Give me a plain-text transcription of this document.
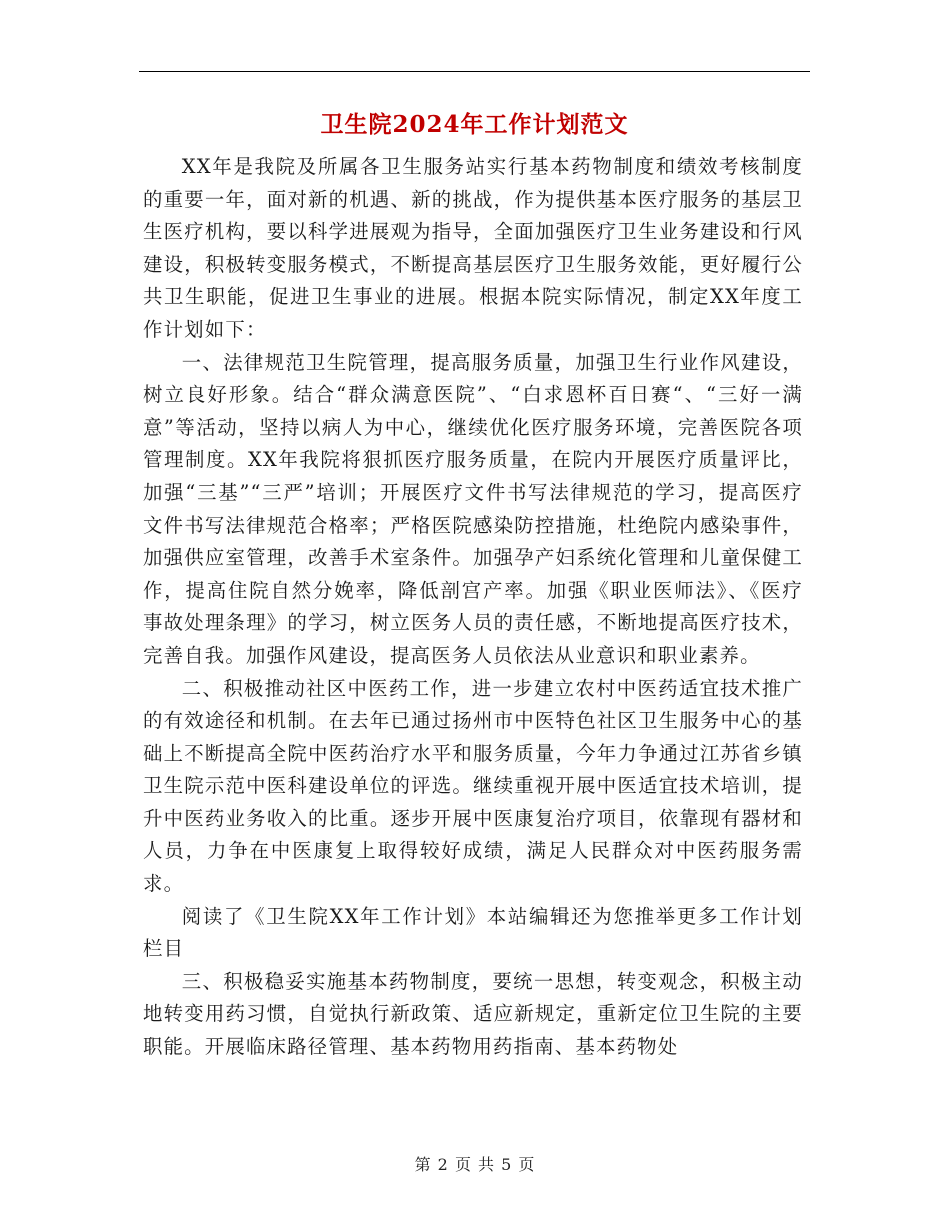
卫生院2024年工作计划范文

XX年是我院及所属各卫生服务站实行基本药物制度和绩效考核制度的重要一年，面对新的机遇、新的挑战，作为提供基本医疗服务的基层卫生医疗机构，要以科学进展观为指导，全面加强医疗卫生业务建设和行风建设，积极转变服务模式，不断提高基层医疗卫生服务效能，更好履行公共卫生职能，促进卫生事业的进展。根据本院实际情况，制定XX年度工作计划如下：

一、法律规范卫生院管理，提高服务质量，加强卫生行业作风建设，树立良好形象。结合“群众满意医院”、“白求恩杯百日赛“、“三好一满意”等活动，坚持以病人为中心，继续优化医疗服务环境，完善医院各项管理制度。XX年我院将狠抓医疗服务质量，在院内开展医疗质量评比，加强“三基”“三严”培训；开展医疗文件书写法律规范的学习，提高医疗文件书写法律规范合格率；严格医院感染防控措施，杜绝院内感染事件，加强供应室管理，改善手术室条件。加强孕产妇系统化管理和儿童保健工作，提高住院自然分娩率，降低剖宫产率。加强《职业医师法》、《医疗事故处理条理》的学习，树立医务人员的责任感，不断地提高医疗技术，完善自我。加强作风建设，提高医务人员依法从业意识和职业素养。

二、积极推动社区中医药工作，进一步建立农村中医药适宜技术推广的有效途径和机制。在去年已通过扬州市中医特色社区卫生服务中心的基础上不断提高全院中医药治疗水平和服务质量，今年力争通过江苏省乡镇卫生院示范中医科建设单位的评选。继续重视开展中医适宜技术培训，提升中医药业务收入的比重。逐步开展中医康复治疗项目，依靠现有器材和人员，力争在中医康复上取得较好成绩，满足人民群众对中医药服务需求。

阅读了《卫生院XX年工作计划》本站编辑还为您推举更多工作计划栏目

三、积极稳妥实施基本药物制度，要统一思想，转变观念，积极主动地转变用药习惯，自觉执行新政策、适应新规定，重新定位卫生院的主要职能。开展临床路径管理、基本药物用药指南、基本药物处

第 2 页 共 5 页
